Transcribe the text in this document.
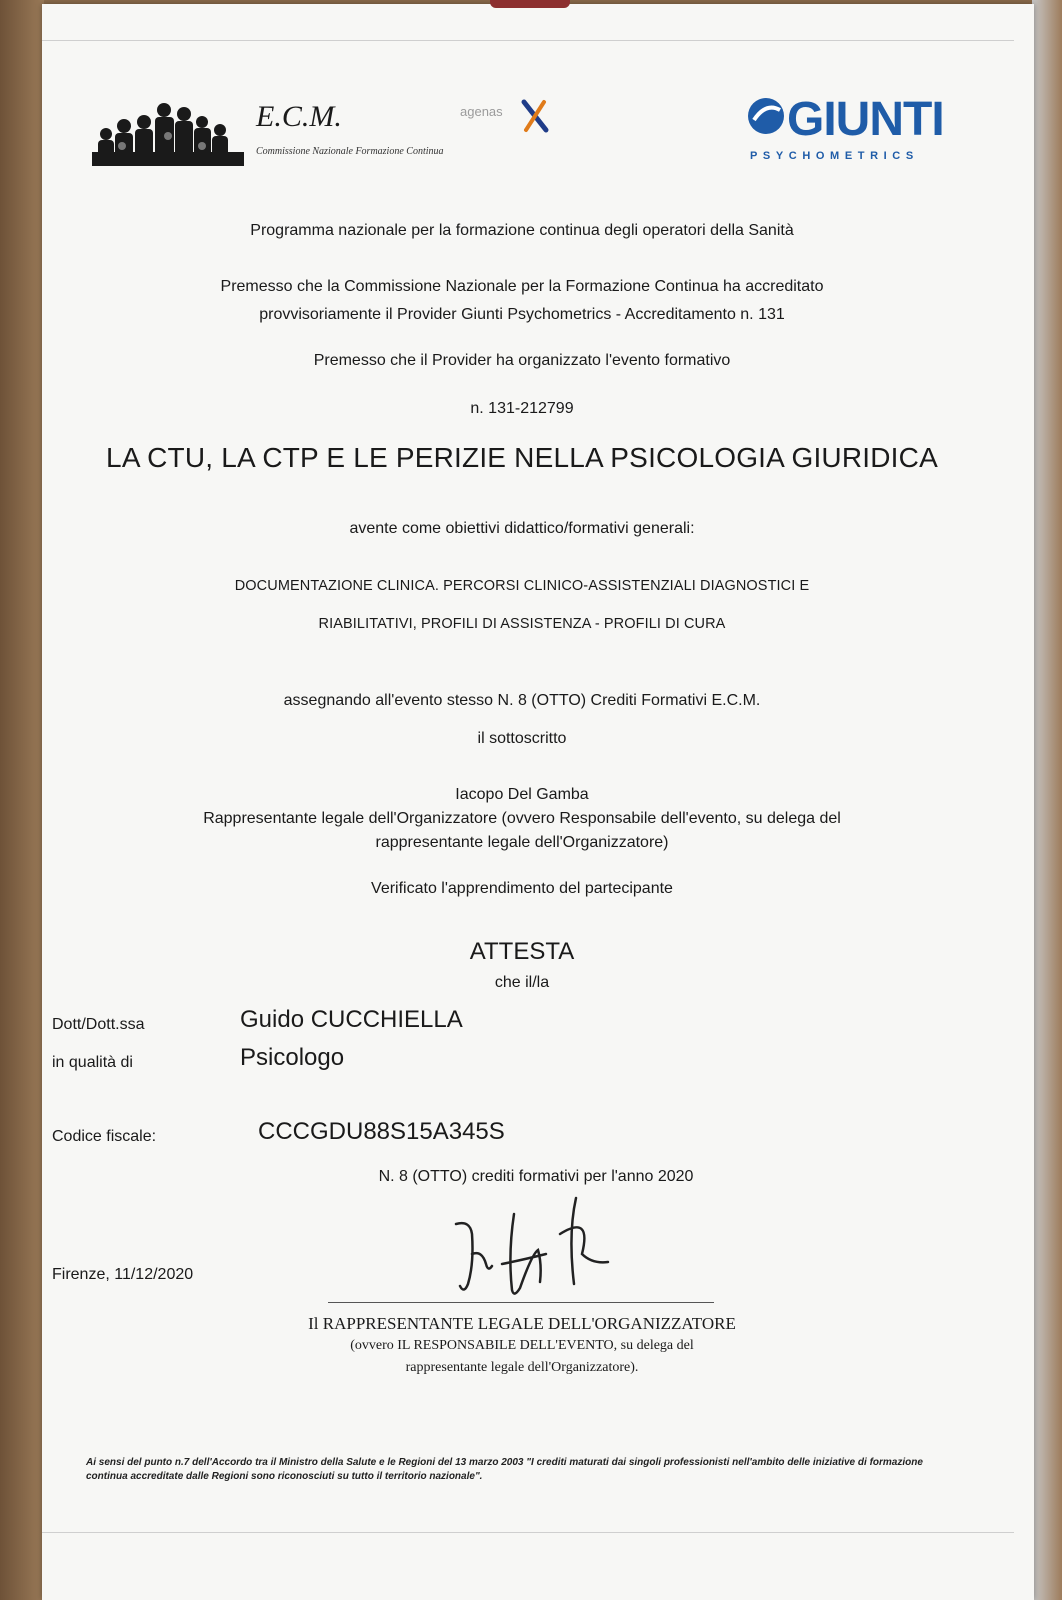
E.C.M.
Commissione Nazionale Formazione Continua
agenas	GIUNTI
PSYCHOMETRICS
Programma nazionale per la formazione continua degli operatori della Sanità
Premesso che la Commissione Nazionale per la Formazione Continua ha accreditato
provvisoriamente il Provider Giunti Psychometrics - Accreditamento n. 131
Premesso che il Provider ha organizzato l'evento formativo
n. 131-212799
LA CTU, LA CTP E LE PERIZIE NELLA PSICOLOGIA GIURIDICA
avente come obiettivi didattico/formativi generali:
DOCUMENTAZIONE CLINICA. PERCORSI CLINICO-ASSISTENZIALI DIAGNOSTICI E
RIABILITATIVI, PROFILI DI ASSISTENZA - PROFILI DI CURA
assegnando all'evento stesso N. 8 (OTTO) Crediti Formativi E.C.M.
il sottoscritto
Iacopo Del Gamba
Rappresentante legale dell'Organizzatore (ovvero Responsabile dell'evento, su delega del
rappresentante legale dell'Organizzatore)
Verificato l'apprendimento del partecipante
ATTESTA
che il/la
Dott/Dott.ssa	Guido CUCCHIELLA
in qualità di	Psicologo
Codice fiscale:	CCCGDU88S15A345S
N. 8 (OTTO) crediti formativi per l'anno 2020
Firenze, 11/12/2020
Il RAPPRESENTANTE LEGALE DELL'ORGANIZZATORE
(ovvero IL RESPONSABILE DELL'EVENTO, su delega del
rappresentante legale dell'Organizzatore).
Ai sensi del punto n.7 dell'Accordo tra il Ministro della Salute e le Regioni del 13 marzo 2003 "I crediti maturati dai singoli professionisti nell'ambito delle iniziative di formazione continua accreditate dalle Regioni sono riconosciuti su tutto il territorio nazionale".
